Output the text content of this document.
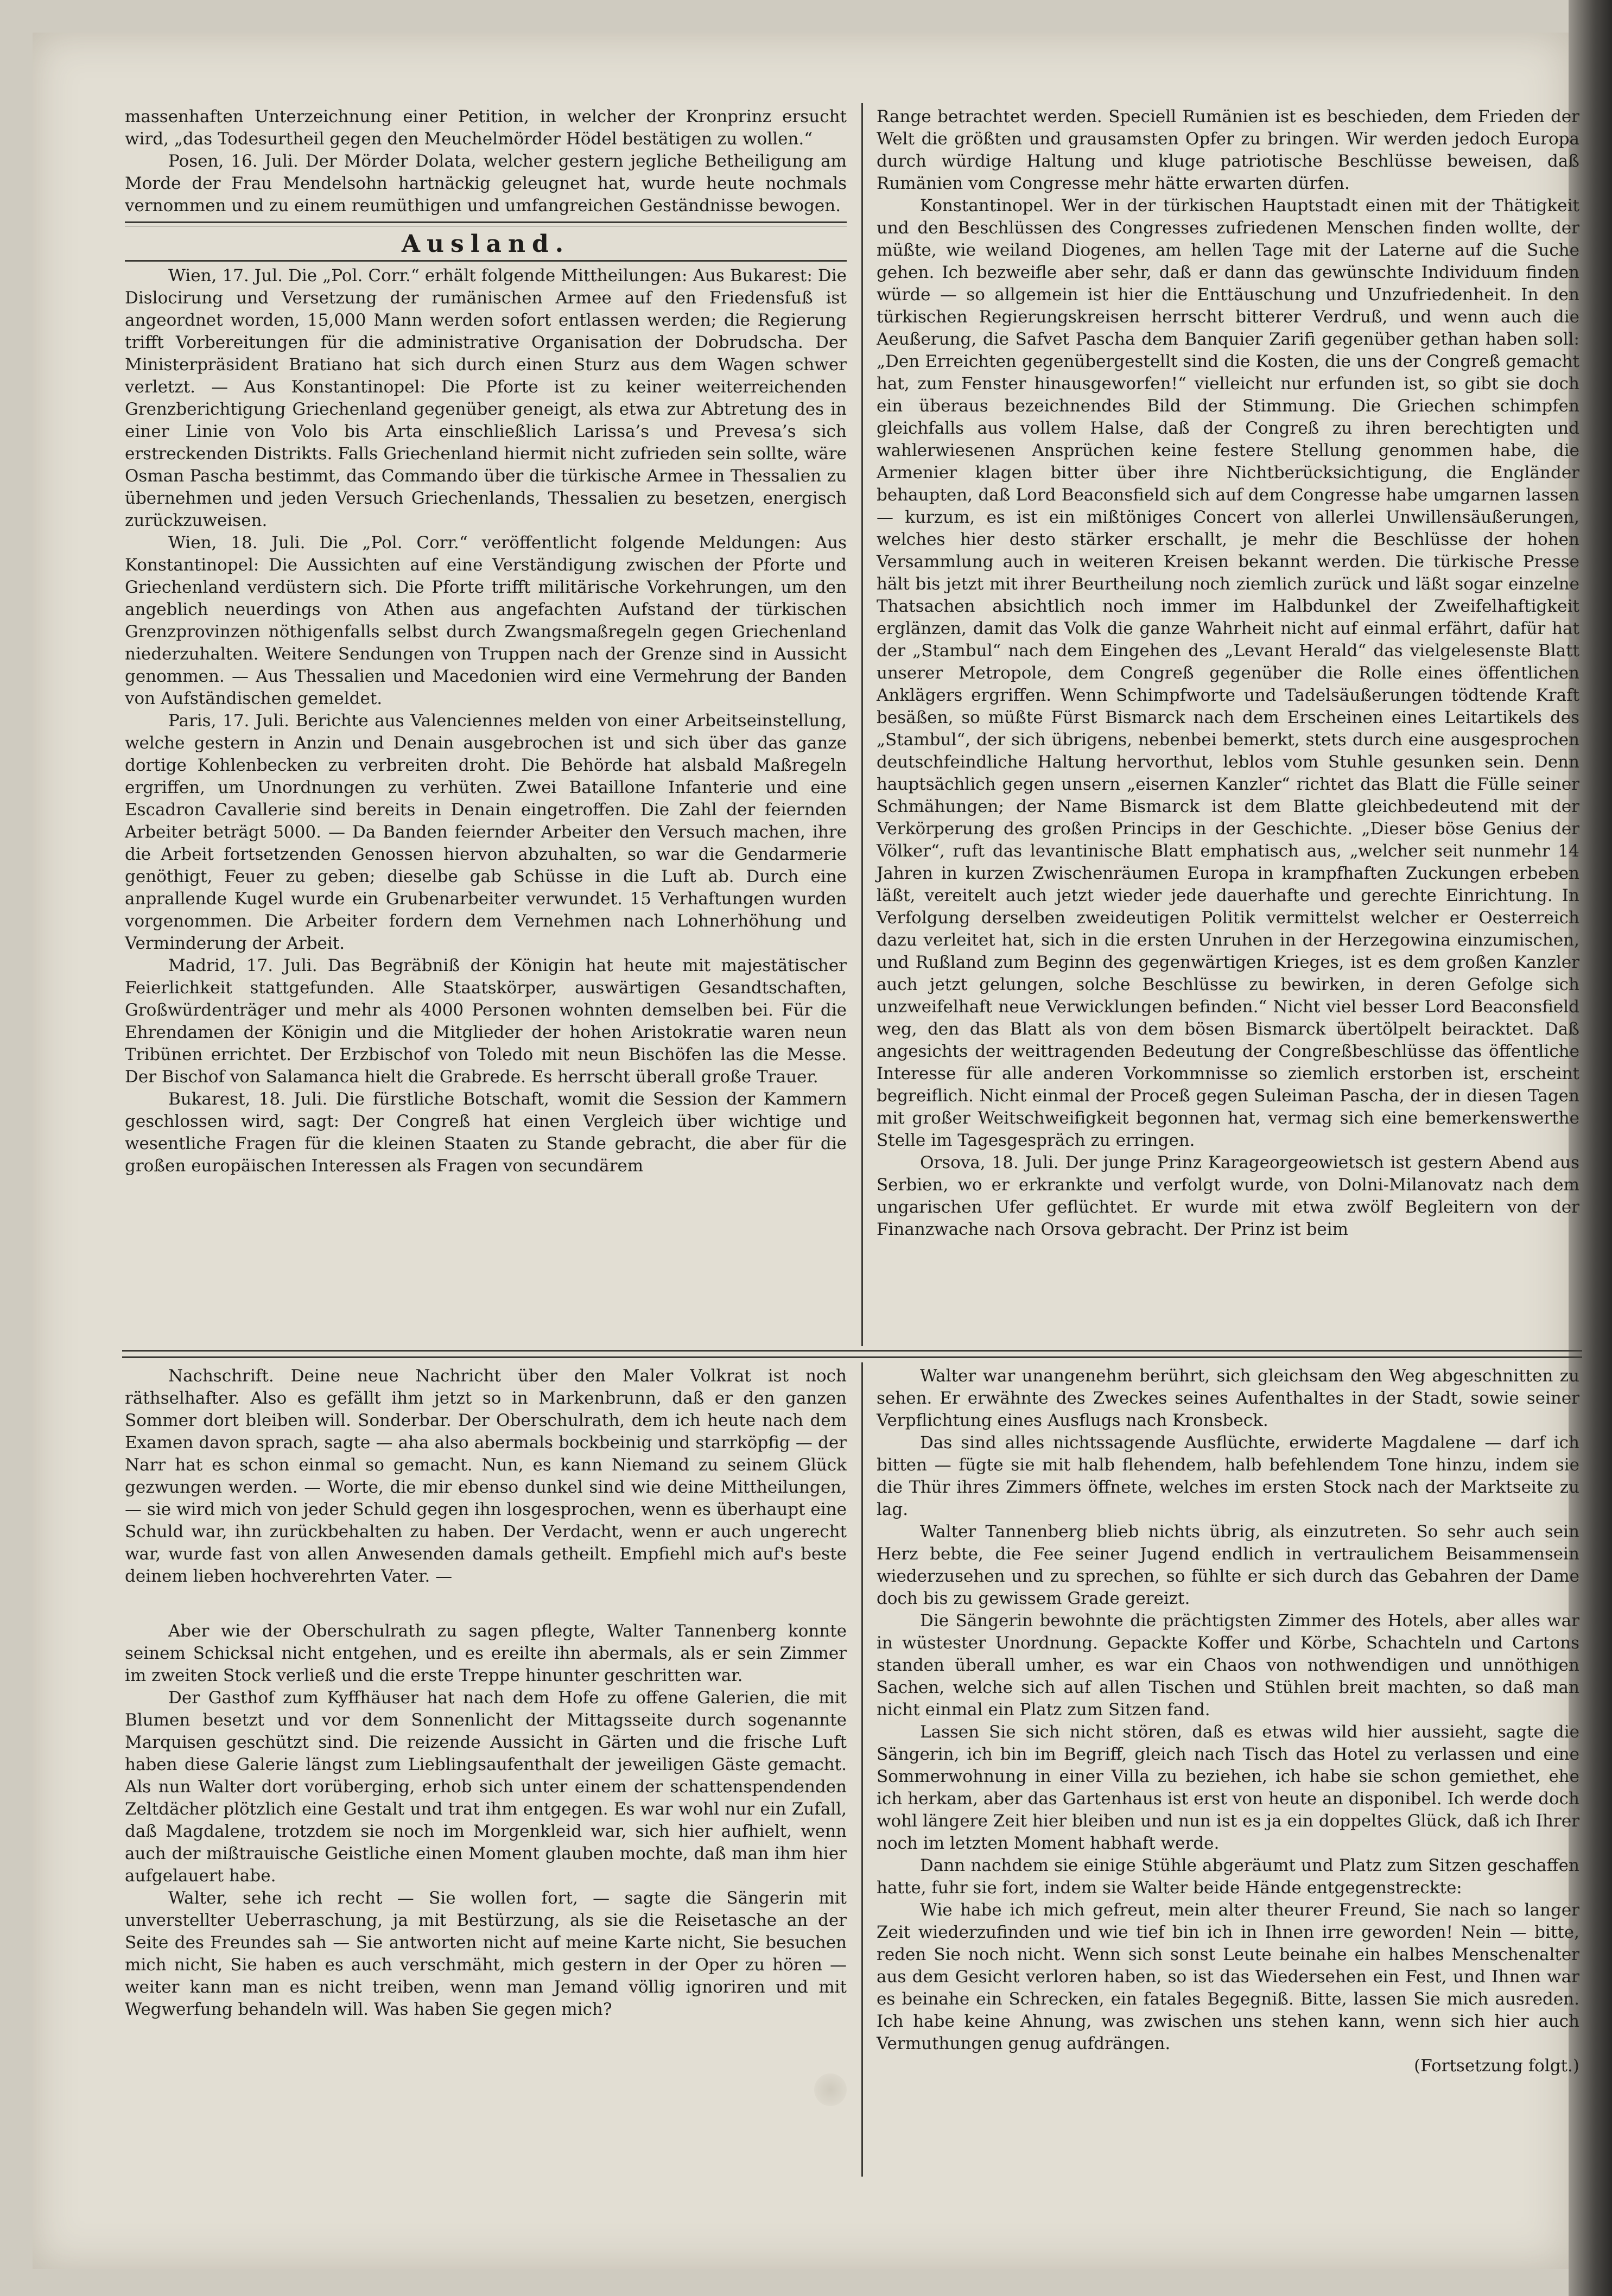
massenhaften Unterzeichnung einer Petition, in welcher der Kronprinz ersucht wird, „das Todesurtheil gegen den Meuchelmörder Hödel bestätigen zu wollen.“

Posen, 16. Juli. Der Mörder Dolata, welcher gestern jegliche Betheiligung am Morde der Frau Mendelsohn hartnäckig geleugnet hat, wurde heute nochmals vernommen und zu einem reumüthigen und umfangreichen Geständnisse bewogen.

Ausland.

Wien, 17. Jul. Die „Pol. Corr.“ erhält folgende Mittheilungen: Aus Bukarest: Die Dislocirung und Versetzung der rumänischen Armee auf den Friedensfuß ist angeordnet worden, 15,000 Mann werden sofort entlassen werden; die Regierung trifft Vorbereitungen für die administrative Organisation der Dobrudscha. Der Ministerpräsident Bratiano hat sich durch einen Sturz aus dem Wagen schwer verletzt. — Aus Konstantinopel: Die Pforte ist zu keiner weiterreichenden Grenzberichtigung Griechenland gegenüber geneigt, als etwa zur Abtretung des in einer Linie von Volo bis Arta einschließlich Larissa’s und Prevesa’s sich erstreckenden Distrikts. Falls Griechenland hiermit nicht zufrieden sein sollte, wäre Osman Pascha bestimmt, das Commando über die türkische Armee in Thessalien zu übernehmen und jeden Versuch Griechenlands, Thessalien zu besetzen, energisch zurückzuweisen.

Wien, 18. Juli. Die „Pol. Corr.“ veröffentlicht folgende Meldungen: Aus Konstantinopel: Die Aussichten auf eine Verständigung zwischen der Pforte und Griechenland verdüstern sich. Die Pforte trifft militärische Vorkehrungen, um den angeblich neuerdings von Athen aus angefachten Aufstand der türkischen Grenzprovinzen nöthigenfalls selbst durch Zwangsmaßregeln gegen Griechenland niederzuhalten. Weitere Sendungen von Truppen nach der Grenze sind in Aussicht genommen. — Aus Thessalien und Macedonien wird eine Vermehrung der Banden von Aufständischen gemeldet.

Paris, 17. Juli. Berichte aus Valenciennes melden von einer Arbeitseinstellung, welche gestern in Anzin und Denain ausgebrochen ist und sich über das ganze dortige Kohlenbecken zu verbreiten droht. Die Behörde hat alsbald Maßregeln ergriffen, um Unordnungen zu verhüten. Zwei Bataillone Infanterie und eine Escadron Cavallerie sind bereits in Denain eingetroffen. Die Zahl der feiernden Arbeiter beträgt 5000. — Da Banden feiernder Arbeiter den Versuch machen, ihre die Arbeit fortsetzenden Genossen hiervon abzuhalten, so war die Gendarmerie genöthigt, Feuer zu geben; dieselbe gab Schüsse in die Luft ab. Durch eine anprallende Kugel wurde ein Grubenarbeiter verwundet. 15 Verhaftungen wurden vorgenommen. Die Arbeiter fordern dem Vernehmen nach Lohnerhöhung und Verminderung der Arbeit.

Madrid, 17. Juli. Das Begräbniß der Königin hat heute mit majestätischer Feierlichkeit stattgefunden. Alle Staatskörper, auswärtigen Gesandtschaften, Großwürdenträger und mehr als 4000 Personen wohnten demselben bei. Für die Ehrendamen der Königin und die Mitglieder der hohen Aristokratie waren neun Tribünen errichtet. Der Erzbischof von Toledo mit neun Bischöfen las die Messe. Der Bischof von Salamanca hielt die Grabrede. Es herrscht überall große Trauer.

Bukarest, 18. Juli. Die fürstliche Botschaft, womit die Session der Kammern geschlossen wird, sagt: Der Congreß hat einen Vergleich über wichtige und wesentliche Fragen für die kleinen Staaten zu Stande gebracht, die aber für die großen europäischen Interessen als Fragen von secundärem

Range betrachtet werden. Speciell Rumänien ist es beschieden, dem Frieden der Welt die größten und grausamsten Opfer zu bringen. Wir werden jedoch Europa durch würdige Haltung und kluge patriotische Beschlüsse beweisen, daß Rumänien vom Congresse mehr hätte erwarten dürfen.

Konstantinopel. Wer in der türkischen Hauptstadt einen mit der Thätigkeit und den Beschlüssen des Congresses zufriedenen Menschen finden wollte, der müßte, wie weiland Diogenes, am hellen Tage mit der Laterne auf die Suche gehen. Ich bezweifle aber sehr, daß er dann das gewünschte Individuum finden würde — so allgemein ist hier die Enttäuschung und Unzufriedenheit. In den türkischen Regierungskreisen herrscht bitterer Verdruß, und wenn auch die Aeußerung, die Safvet Pascha dem Banquier Zarifi gegenüber gethan haben soll: „Den Erreichten gegenübergestellt sind die Kosten, die uns der Congreß gemacht hat, zum Fenster hinausgeworfen!“ vielleicht nur erfunden ist, so gibt sie doch ein überaus bezeichnendes Bild der Stimmung. Die Griechen schimpfen gleichfalls aus vollem Halse, daß der Congreß zu ihren berechtigten und wahlerwiesenen Ansprüchen keine festere Stellung genommen habe, die Armenier klagen bitter über ihre Nichtberücksichtigung, die Engländer behaupten, daß Lord Beaconsfield sich auf dem Congresse habe umgarnen lassen — kurzum, es ist ein mißtöniges Concert von allerlei Unwillensäußerungen, welches hier desto stärker erschallt, je mehr die Beschlüsse der hohen Versammlung auch in weiteren Kreisen bekannt werden. Die türkische Presse hält bis jetzt mit ihrer Beurtheilung noch ziemlich zurück und läßt sogar einzelne Thatsachen absichtlich noch immer im Halbdunkel der Zweifelhaftigkeit erglänzen, damit das Volk die ganze Wahrheit nicht auf einmal erfährt, dafür hat der „Stambul“ nach dem Eingehen des „Levant Herald“ das vielgelesenste Blatt unserer Metropole, dem Congreß gegenüber die Rolle eines öffentlichen Anklägers ergriffen. Wenn Schimpfworte und Tadelsäußerungen tödtende Kraft besäßen, so müßte Fürst Bismarck nach dem Erscheinen eines Leitartikels des „Stambul“, der sich übrigens, nebenbei bemerkt, stets durch eine ausgesprochen deutschfeindliche Haltung hervorthut, leblos vom Stuhle gesunken sein. Denn hauptsächlich gegen unsern „eisernen Kanzler“ richtet das Blatt die Fülle seiner Schmähungen; der Name Bismarck ist dem Blatte gleichbedeutend mit der Verkörperung des großen Princips in der Geschichte. „Dieser böse Genius der Völker“, ruft das levantinische Blatt emphatisch aus, „welcher seit nunmehr 14 Jahren in kurzen Zwischenräumen Europa in krampfhaften Zuckungen erbeben läßt, vereitelt auch jetzt wieder jede dauerhafte und gerechte Einrichtung. In Verfolgung derselben zweideutigen Politik vermittelst welcher er Oesterreich dazu verleitet hat, sich in die ersten Unruhen in der Herzegowina einzumischen, und Rußland zum Beginn des gegenwärtigen Krieges, ist es dem großen Kanzler auch jetzt gelungen, solche Beschlüsse zu bewirken, in deren Gefolge sich unzweifelhaft neue Verwicklungen befinden.“ Nicht viel besser Lord Beaconsfield weg, den das Blatt als von dem bösen Bismarck übertölpelt beiracktet. Daß angesichts der weittragenden Bedeutung der Congreßbeschlüsse das öffentliche Interesse für alle anderen Vorkommnisse so ziemlich erstorben ist, erscheint begreiflich. Nicht einmal der Proceß gegen Suleiman Pascha, der in diesen Tagen mit großer Weitschweifigkeit begonnen hat, vermag sich eine bemerkenswerthe Stelle im Tagesgespräch zu erringen.

Orsova, 18. Juli. Der junge Prinz Karageorgeowietsch ist gestern Abend aus Serbien, wo er erkrankte und verfolgt wurde, von Dolni-Milanovatz nach dem ungarischen Ufer geflüchtet. Er wurde mit etwa zwölf Begleitern von der Finanzwache nach Orsova gebracht. Der Prinz ist beim

Nachschrift. Deine neue Nachricht über den Maler Volkrat ist noch räthselhafter. Also es gefällt ihm jetzt so in Markenbrunn, daß er den ganzen Sommer dort bleiben will. Sonderbar. Der Oberschulrath, dem ich heute nach dem Examen davon sprach, sagte — aha also abermals bockbeinig und starrköpfig — der Narr hat es schon einmal so gemacht. Nun, es kann Niemand zu seinem Glück gezwungen werden. — Worte, die mir ebenso dunkel sind wie deine Mittheilungen, — sie wird mich von jeder Schuld gegen ihn losgesprochen, wenn es überhaupt eine Schuld war, ihn zurückbehalten zu haben. Der Verdacht, wenn er auch ungerecht war, wurde fast von allen Anwesenden damals getheilt. Empfiehl mich auf's beste deinem lieben hochverehrten Vater. —

Aber wie der Oberschulrath zu sagen pflegte, Walter Tannenberg konnte seinem Schicksal nicht entgehen, und es ereilte ihn abermals, als er sein Zimmer im zweiten Stock verließ und die erste Treppe hinunter geschritten war.

Der Gasthof zum Kyffhäuser hat nach dem Hofe zu offene Galerien, die mit Blumen besetzt und vor dem Sonnenlicht der Mittagsseite durch sogenannte Marquisen geschützt sind. Die reizende Aussicht in Gärten und die frische Luft haben diese Galerie längst zum Lieblingsaufenthalt der jeweiligen Gäste gemacht. Als nun Walter dort vorüberging, erhob sich unter einem der schattenspendenden Zeltdächer plötzlich eine Gestalt und trat ihm entgegen. Es war wohl nur ein Zufall, daß Magdalene, trotzdem sie noch im Morgenkleid war, sich hier aufhielt, wenn auch der mißtrauische Geistliche einen Moment glauben mochte, daß man ihm hier aufgelauert habe.

Walter, sehe ich recht — Sie wollen fort, — sagte die Sängerin mit unverstellter Ueberraschung, ja mit Bestürzung, als sie die Reisetasche an der Seite des Freundes sah — Sie antworten nicht auf meine Karte nicht, Sie besuchen mich nicht, Sie haben es auch verschmäht, mich gestern in der Oper zu hören — weiter kann man es nicht treiben, wenn man Jemand völlig ignoriren und mit Wegwerfung behandeln will. Was haben Sie gegen mich?

Walter war unangenehm berührt, sich gleichsam den Weg abgeschnitten zu sehen. Er erwähnte des Zweckes seines Aufenthaltes in der Stadt, sowie seiner Verpflichtung eines Ausflugs nach Kronsbeck.

Das sind alles nichtssagende Ausflüchte, erwiderte Magdalene — darf ich bitten — fügte sie mit halb flehendem, halb befehlendem Tone hinzu, indem sie die Thür ihres Zimmers öffnete, welches im ersten Stock nach der Marktseite zu lag.

Walter Tannenberg blieb nichts übrig, als einzutreten. So sehr auch sein Herz bebte, die Fee seiner Jugend endlich in vertraulichem Beisammensein wiederzusehen und zu sprechen, so fühlte er sich durch das Gebahren der Dame doch bis zu gewissem Grade gereizt.

Die Sängerin bewohnte die prächtigsten Zimmer des Hotels, aber alles war in wüstester Unordnung. Gepackte Koffer und Körbe, Schachteln und Cartons standen überall umher, es war ein Chaos von nothwendigen und unnöthigen Sachen, welche sich auf allen Tischen und Stühlen breit machten, so daß man nicht einmal ein Platz zum Sitzen fand.

Lassen Sie sich nicht stören, daß es etwas wild hier aussieht, sagte die Sängerin, ich bin im Begriff, gleich nach Tisch das Hotel zu verlassen und eine Sommerwohnung in einer Villa zu beziehen, ich habe sie schon gemiethet, ehe ich herkam, aber das Gartenhaus ist erst von heute an disponibel. Ich werde doch wohl längere Zeit hier bleiben und nun ist es ja ein doppeltes Glück, daß ich Ihrer noch im letzten Moment habhaft werde.

Dann nachdem sie einige Stühle abgeräumt und Platz zum Sitzen geschaffen hatte, fuhr sie fort, indem sie Walter beide Hände entgegenstreckte:

Wie habe ich mich gefreut, mein alter theurer Freund, Sie nach so langer Zeit wiederzufinden und wie tief bin ich in Ihnen irre geworden! Nein — bitte, reden Sie noch nicht. Wenn sich sonst Leute beinahe ein halbes Menschenalter aus dem Gesicht verloren haben, so ist das Wiedersehen ein Fest, und Ihnen war es beinahe ein Schrecken, ein fatales Begegniß. Bitte, lassen Sie mich ausreden. Ich habe keine Ahnung, was zwischen uns stehen kann, wenn sich hier auch Vermuthungen genug aufdrängen.

(Fortsetzung folgt.)
